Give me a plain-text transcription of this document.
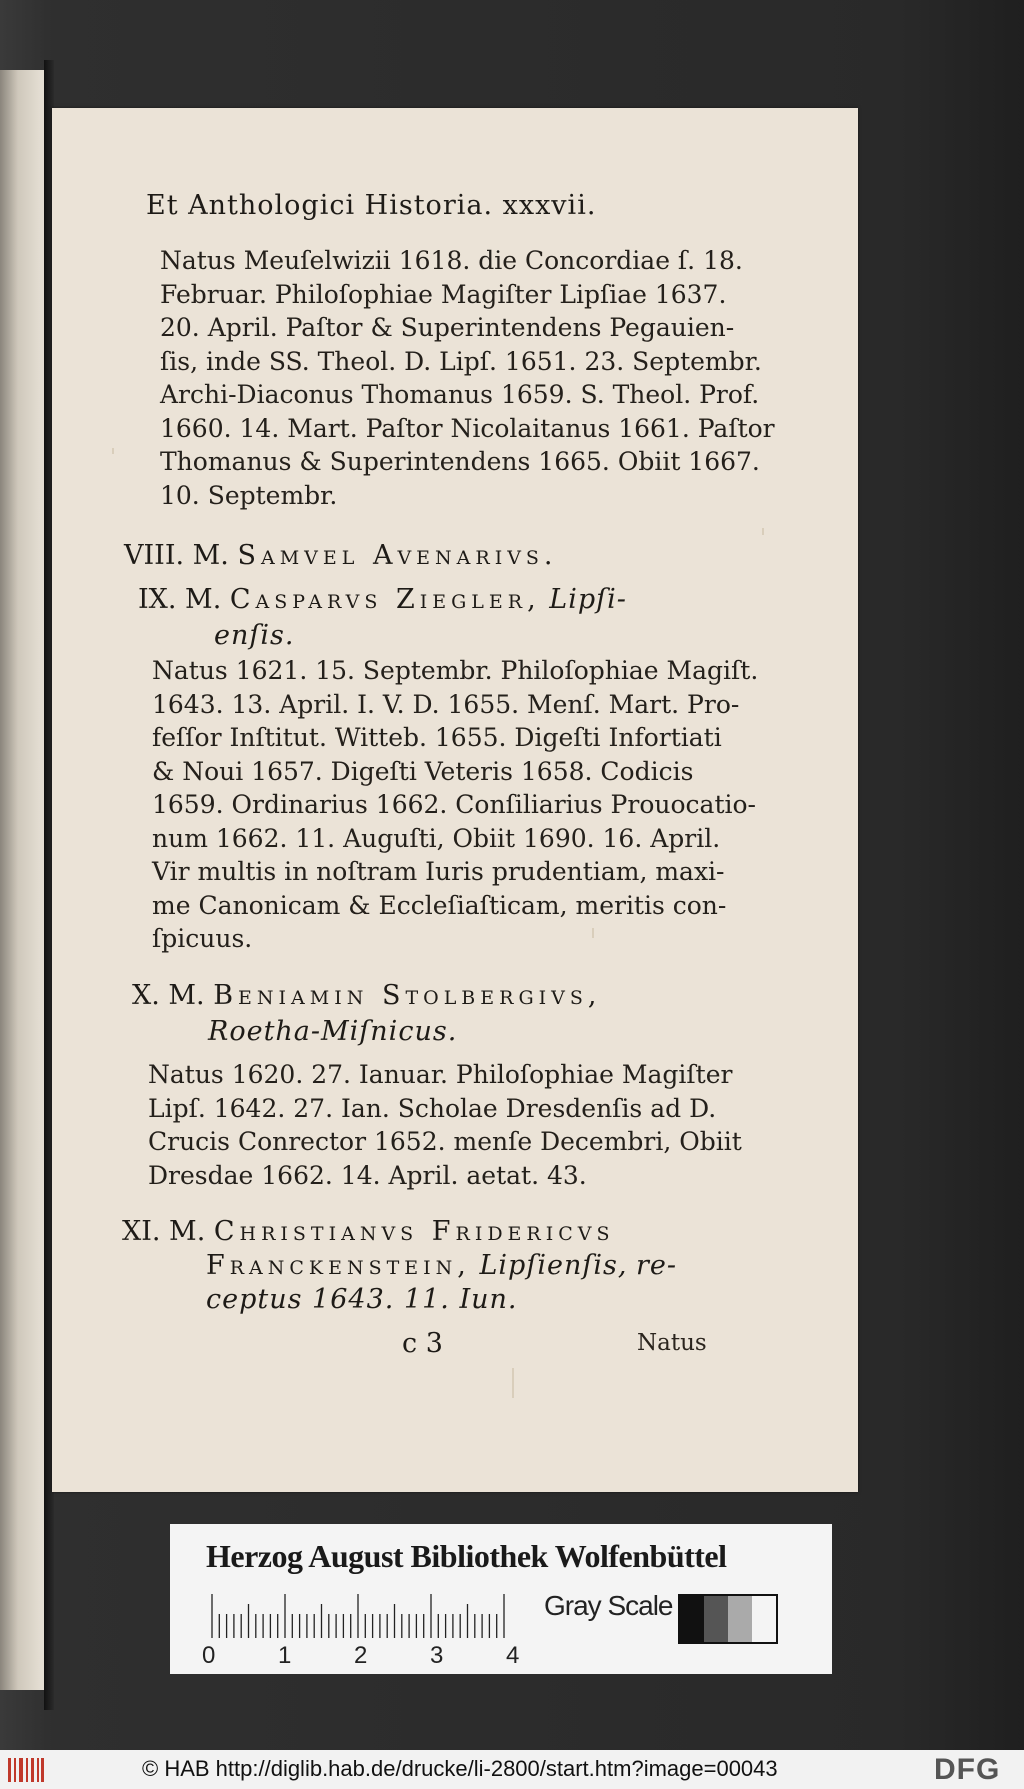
Et Anthologici Historia. xxxvii.
Natus Meuſelwizii 1618. die Concordiae ſ. 18.
Februar. Philoſophiae Magiſter Lipſiae 1637.
20. April. Paſtor & Superintendens Pegauien-
ſis, inde SS. Theol. D. Lipſ. 1651. 23. Septembr.
Archi-Diaconus Thomanus 1659. S. Theol. Prof.
1660. 14. Mart. Paſtor Nicolaitanus 1661. Paſtor
Thomanus & Superintendens 1665. Obiit 1667.
10. Septembr.
VIII. M. Samvel Avenarivs.
IX. M. Casparvs Ziegler, Lipſi-
enſis.
Natus 1621. 15. Septembr. Philoſophiae Magiſt.
1643. 13. April. I. V. D. 1655. Menſ. Mart. Pro-
feſſor Inſtitut. Witteb. 1655. Digeſti Infortiati
& Noui 1657. Digeſti Veteris 1658. Codicis
1659. Ordinarius 1662. Conſiliarius Prouocatio-
num 1662. 11. Auguſti, Obiit 1690. 16. April.
Vir multis in noſtram Iuris prudentiam, maxi-
me Canonicam & Eccleſiaſticam, meritis con-
ſpicuus.
X. M. Beniamin Stolbergivs,
Roetha-Miſnicus.
Natus 1620. 27. Ianuar. Philoſophiae Magiſter
Lipſ. 1642. 27. Ian. Scholae Dresdenſis ad D.
Crucis Conrector 1652. menſe Decembri, Obiit
Dresdae 1662. 14. April. aetat. 43.
XI. M. Christianvs Fridericvs
Franckenstein, Lipſienſis, re-
ceptus 1643. 11. Iun.
c 3	Natus
Herzog August Bibliothek Wolfenbüttel
0	1	2	3	4
Gray Scale
© HAB http://diglib.hab.de/drucke/li-2800/start.htm?image=00043	DFG
